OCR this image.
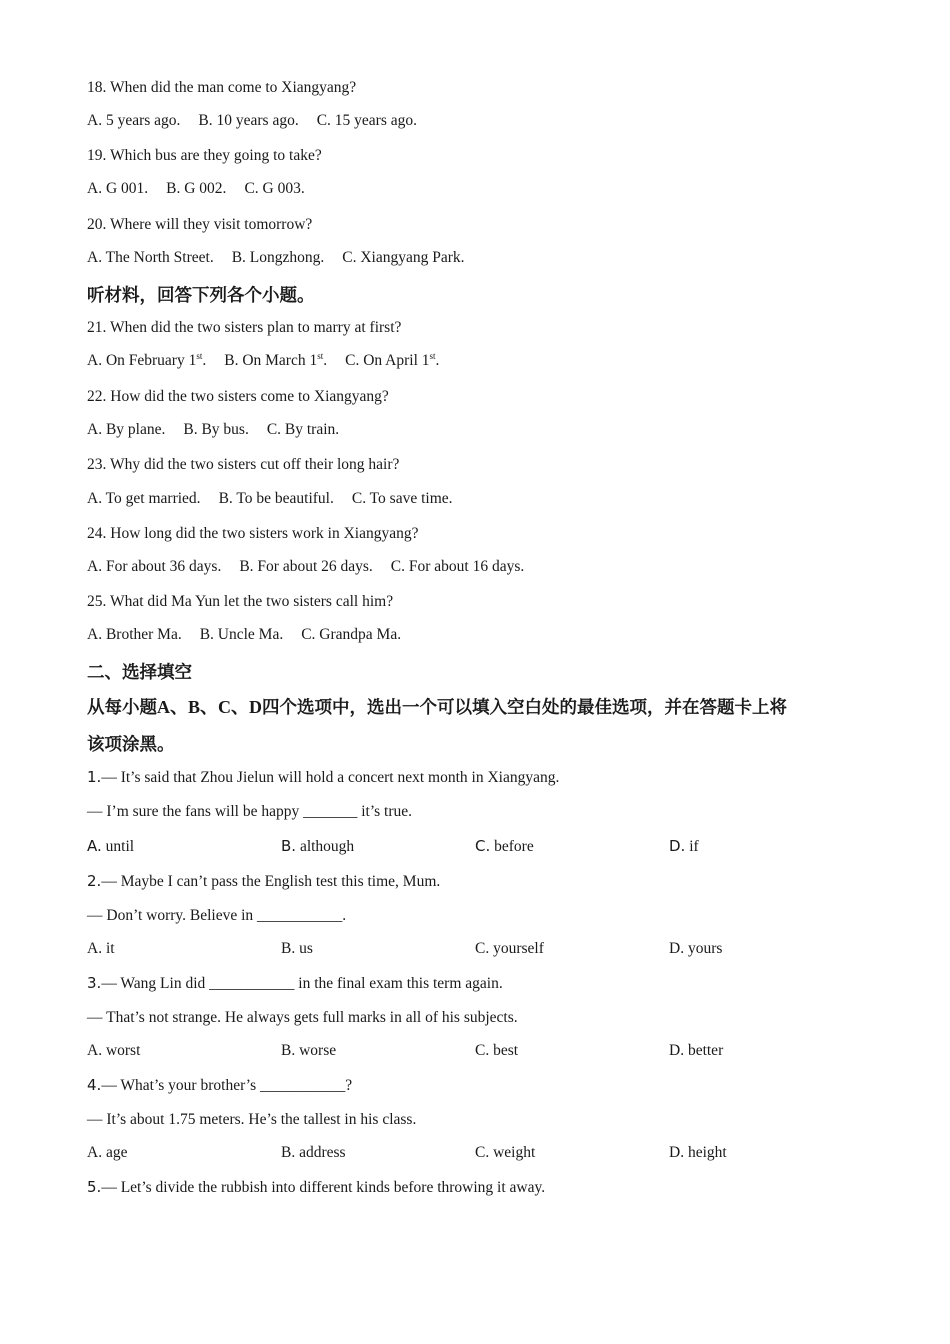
18. When did the man come to Xiangyang?
A. 5 years ago. B. 10 years ago. C. 15 years ago.
19. Which bus are they going to take?
A. G 001. B. G 002. C. G 003.
20. Where will they visit tomorrow?
A. The North Street. B. Longzhong. C. Xiangyang Park.
听材料，回答下列各个小题。
21. When did the two sisters plan to marry at first?
A. On February 1st. B. On March 1st. C. On April 1st.
22. How did the two sisters come to Xiangyang?
A. By plane. B. By bus. C. By train.
23. Why did the two sisters cut off their long hair?
A. To get married. B. To be beautiful. C. To save time.
24. How long did the two sisters work in Xiangyang?
A. For about 36 days. B. For about 26 days. C. For about 16 days.
25. What did Ma Yun let the two sisters call him?
A. Brother Ma. B. Uncle Ma. C. Grandpa Ma.
二、选择填空
从每小题A、B、C、D四个选项中，选出一个可以填入空白处的最佳选项，并在答题卡上将
该项涂黑。
1.— It’s said that Zhou Jielun will hold a concert next month in Xiangyang.
— I’m sure the fans will be happy _______ it’s true.
A. until	B. although	C. before	D. if
2.— Maybe I can’t pass the English test this time, Mum.
— Don’t worry. Believe in ___________.
A. it	B. us	C. yourself	D. yours
3.— Wang Lin did ___________ in the final exam this term again.
— That’s not strange. He always gets full marks in all of his subjects.
A. worst	B. worse	C. best	D. better
4.— What’s your brother’s ___________?
— It’s about 1.75 meters. He’s the tallest in his class.
A. age	B. address	C. weight	D. height
5.— Let’s divide the rubbish into different kinds before throwing it away.
